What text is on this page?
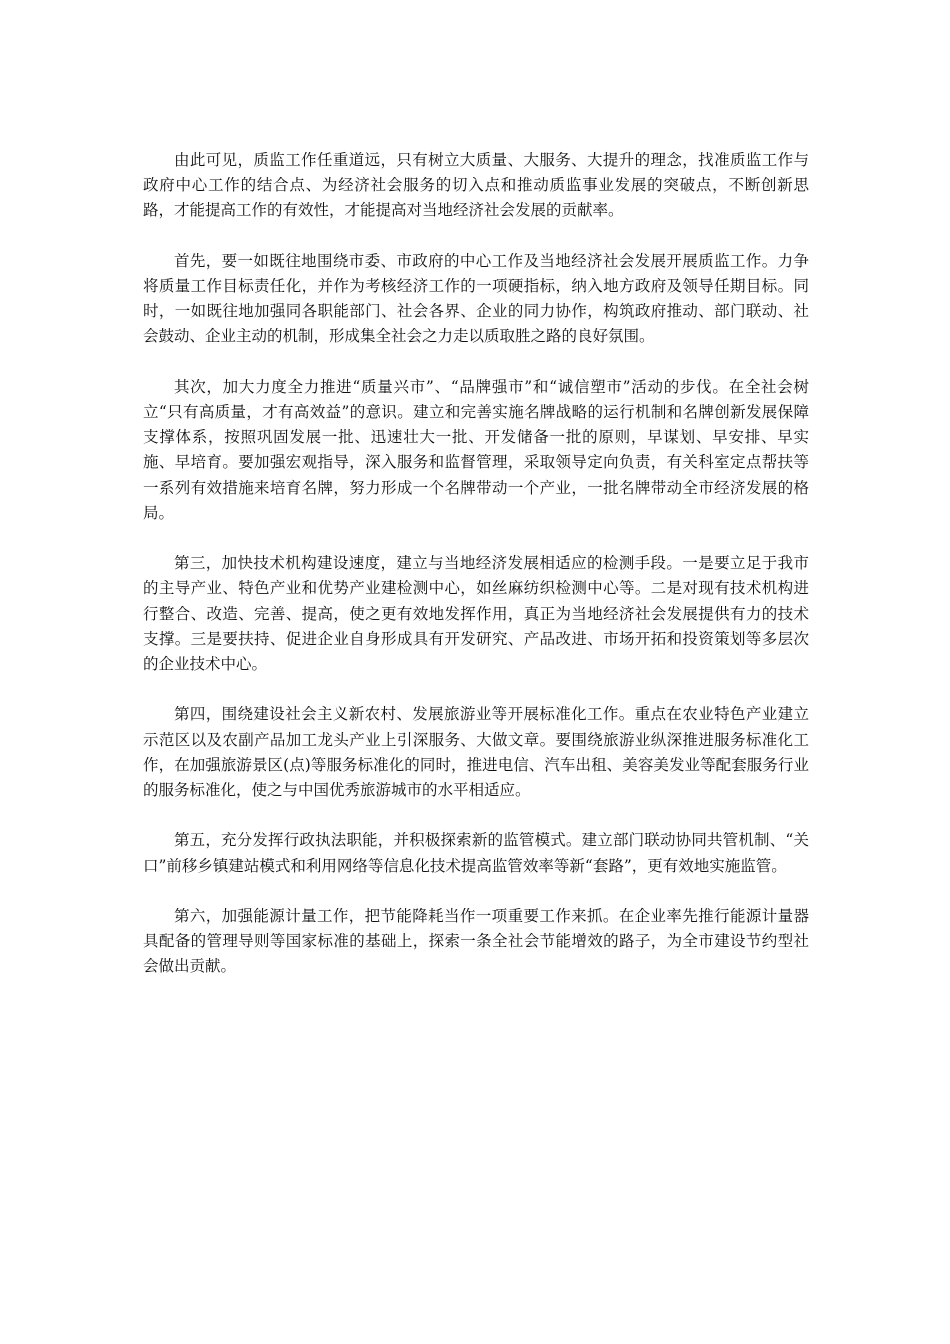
由此可见，质监工作任重道远，只有树立大质量、大服务、大提升的理念，找准质监工作与政府中心工作的结合点、为经济社会服务的切入点和推动质监事业发展的突破点，不断创新思路，才能提高工作的有效性，才能提高对当地经济社会发展的贡献率。

首先，要一如既往地围绕市委、市政府的中心工作及当地经济社会发展开展质监工作。力争将质量工作目标责任化，并作为考核经济工作的一项硬指标，纳入地方政府及领导任期目标。同时，一如既往地加强同各职能部门、社会各界、企业的同力协作，构筑政府推动、部门联动、社会鼓动、企业主动的机制，形成集全社会之力走以质取胜之路的良好氛围。

其次，加大力度全力推进“质量兴市”、“品牌强市”和“诚信塑市”活动的步伐。在全社会树立“只有高质量，才有高效益”的意识。建立和完善实施名牌战略的运行机制和名牌创新发展保障支撑体系，按照巩固发展一批、迅速壮大一批、开发储备一批的原则，早谋划、早安排、早实施、早培育。要加强宏观指导，深入服务和监督管理，采取领导定向负责，有关科室定点帮扶等一系列有效措施来培育名牌，努力形成一个名牌带动一个产业，一批名牌带动全市经济发展的格局。

第三，加快技术机构建设速度，建立与当地经济发展相适应的检测手段。一是要立足于我市的主导产业、特色产业和优势产业建检测中心，如丝麻纺织检测中心等。二是对现有技术机构进行整合、改造、完善、提高，使之更有效地发挥作用，真正为当地经济社会发展提供有力的技术支撑。三是要扶持、促进企业自身形成具有开发研究、产品改进、市场开拓和投资策划等多层次的企业技术中心。

第四，围绕建设社会主义新农村、发展旅游业等开展标准化工作。重点在农业特色产业建立示范区以及农副产品加工龙头产业上引深服务、大做文章。要围绕旅游业纵深推进服务标准化工作，在加强旅游景区(点)等服务标准化的同时，推进电信、汽车出租、美容美发业等配套服务行业的服务标准化，使之与中国优秀旅游城市的水平相适应。

第五，充分发挥行政执法职能，并积极探索新的监管模式。建立部门联动协同共管机制、“关口”前移乡镇建站模式和利用网络等信息化技术提高监管效率等新“套路”，更有效地实施监管。

第六，加强能源计量工作，把节能降耗当作一项重要工作来抓。在企业率先推行能源计量器具配备的管理导则等国家标准的基础上，探索一条全社会节能增效的路子，为全市建设节约型社会做出贡献。
